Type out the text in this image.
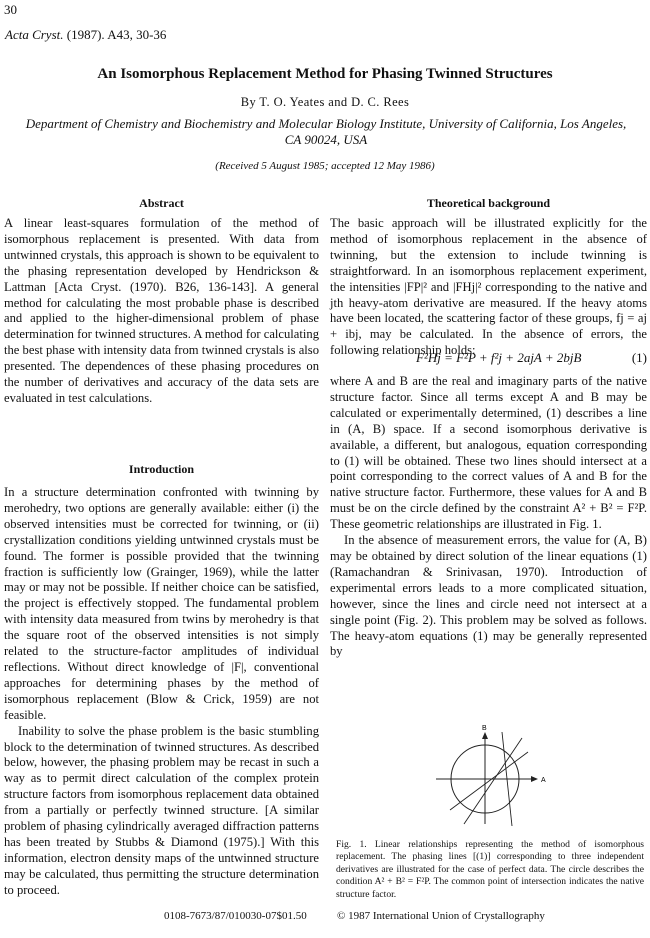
30
Acta Cryst. (1987). A43, 30-36
An Isomorphous Replacement Method for Phasing Twinned Structures
By T. O. Yeates and D. C. Rees
Department of Chemistry and Biochemistry and Molecular Biology Institute, University of California, Los Angeles, CA 90024, USA
(Received 5 August 1985; accepted 12 May 1986)
Abstract

A linear least-squares formulation of the method of isomorphous replacement is presented. With data from untwinned crystals, this approach is shown to be equivalent to the phasing representation developed by Hendrickson & Lattman [Acta Cryst. (1970). B26, 136-143]. A general method for calculating the most probable phase is described and applied to the higher-dimensional problem of phase determination for twinned structures. A method for calculating the best phase with intensity data from twinned crystals is also presented. The dependences of these phasing procedures on the number of derivatives and accuracy of the data sets are evaluated in test calculations.

Introduction

In a structure determination confronted with twinning by merohedry, two options are generally available: either (i) the observed intensities must be corrected for twinning, or (ii) crystallization conditions yielding untwinned crystals must be found. The former is possible provided that the twinning fraction is sufficiently low (Grainger, 1969), while the latter may or may not be possible. If neither choice can be satisfied, the project is effectively stopped. The fundamental problem with intensity data measured from twins by merohedry is that the square root of the observed intensities is not simply related to the structure-factor amplitudes of individual reflections. Without direct knowledge of |F|, conventional approaches for determining phases by the method of isomorphous replacement (Blow & Crick, 1959) are not feasible.

Inability to solve the phase problem is the basic stumbling block to the determination of twinned structures. As described below, however, the phasing problem may be recast in such a way as to permit direct calculation of the complex protein structure factors from isomorphous replacement data obtained from a partially or perfectly twinned structure. [A similar problem of phasing cylindrically averaged diffraction patterns has been treated by Stubbs & Diamond (1975).] With this information, electron density maps of the untwinned structure may be calculated, thus permitting the structure determination to proceed.

Theoretical background

The basic approach will be illustrated explicitly for the method of isomorphous replacement in the absence of twinning, but the extension to include twinning is straightforward. In an isomorphous replacement experiment, the intensities |FP|² and |FHj|² corresponding to the native and jth heavy-atom derivative are measured. If the heavy atoms have been located, the scattering factor of these groups, fj = aj + ibj, may be calculated. In the absence of errors, the following relationship holds:

F²Hj = F²P + f²j + 2ajA + 2bjB	(1)

where A and B are the real and imaginary parts of the native structure factor. Since all terms except A and B may be calculated or experimentally determined, (1) describes a line in (A, B) space. If a second isomorphous derivative is available, a different, but analogous, equation corresponding to (1) will be obtained. These two lines should intersect at a point corresponding to the correct values of A and B for the native structure factor. Furthermore, these values for A and B must be on the circle defined by the constraint A² + B² = F²P. These geometric relationships are illustrated in Fig. 1.

In the absence of measurement errors, the value for (A, B) may be obtained by direct solution of the linear equations (1) (Ramachandran & Srinivasan, 1970). Introduction of experimental errors leads to a more complicated situation, however, since the lines and circle need not intersect at a single point (Fig. 2). This problem may be solved as follows. The heavy-atom equations (1) may be generally represented by

B
A
Fig. 1. Linear relationships representing the method of isomorphous replacement. The phasing lines [(1)] corresponding to three independent derivatives are illustrated for the case of perfect data. The circle describes the condition A² + B² = F²P. The common point of intersection indicates the native structure factor.
0108-7673/87/010030-07$01.50	© 1987 International Union of Crystallography
